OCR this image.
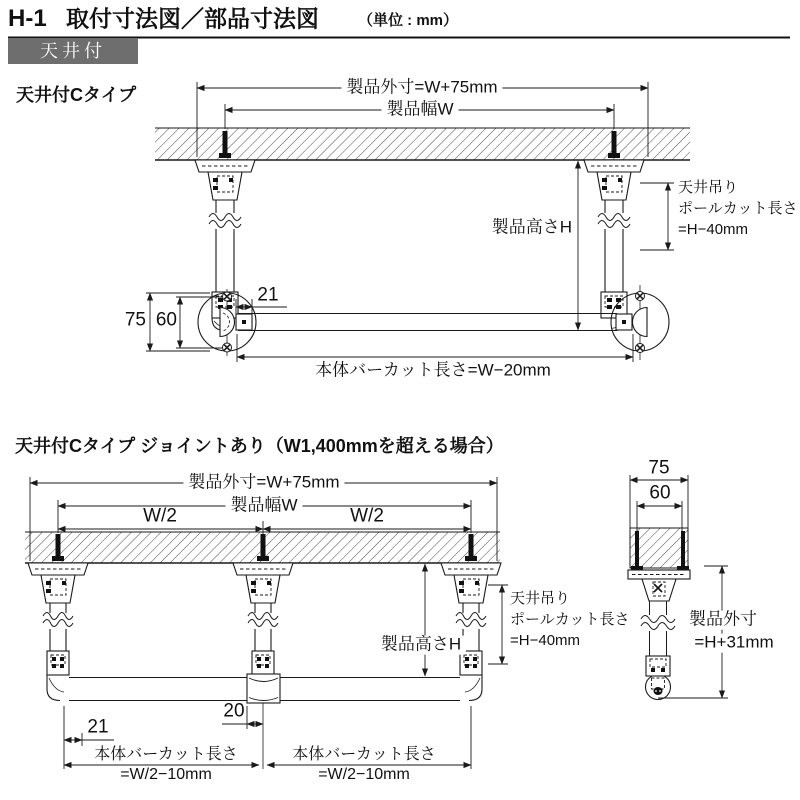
H-1 取付寸法図／部品寸法図	（単位 : mm）
天井付
天井付Cタイプ	製品外寸=W+75mm
製品幅W
製品高さH
天井吊り
ポールカット長さ
=H−40mm
75 60
21
本体バーカット長さ=W−20mm
天井付Cタイプ ジョイントあり（W1,400mmを超える場合）
製品外寸=W+75mm
製品幅W
W/2	W/2
製品高さH
天井吊り
ポールカット長さ
=H−40mm
21
20
本体バーカット長さ
=W/2−10mm
本体バーカット長さ
=W/2−10mm
75
60
製品外寸
=H+31mm
